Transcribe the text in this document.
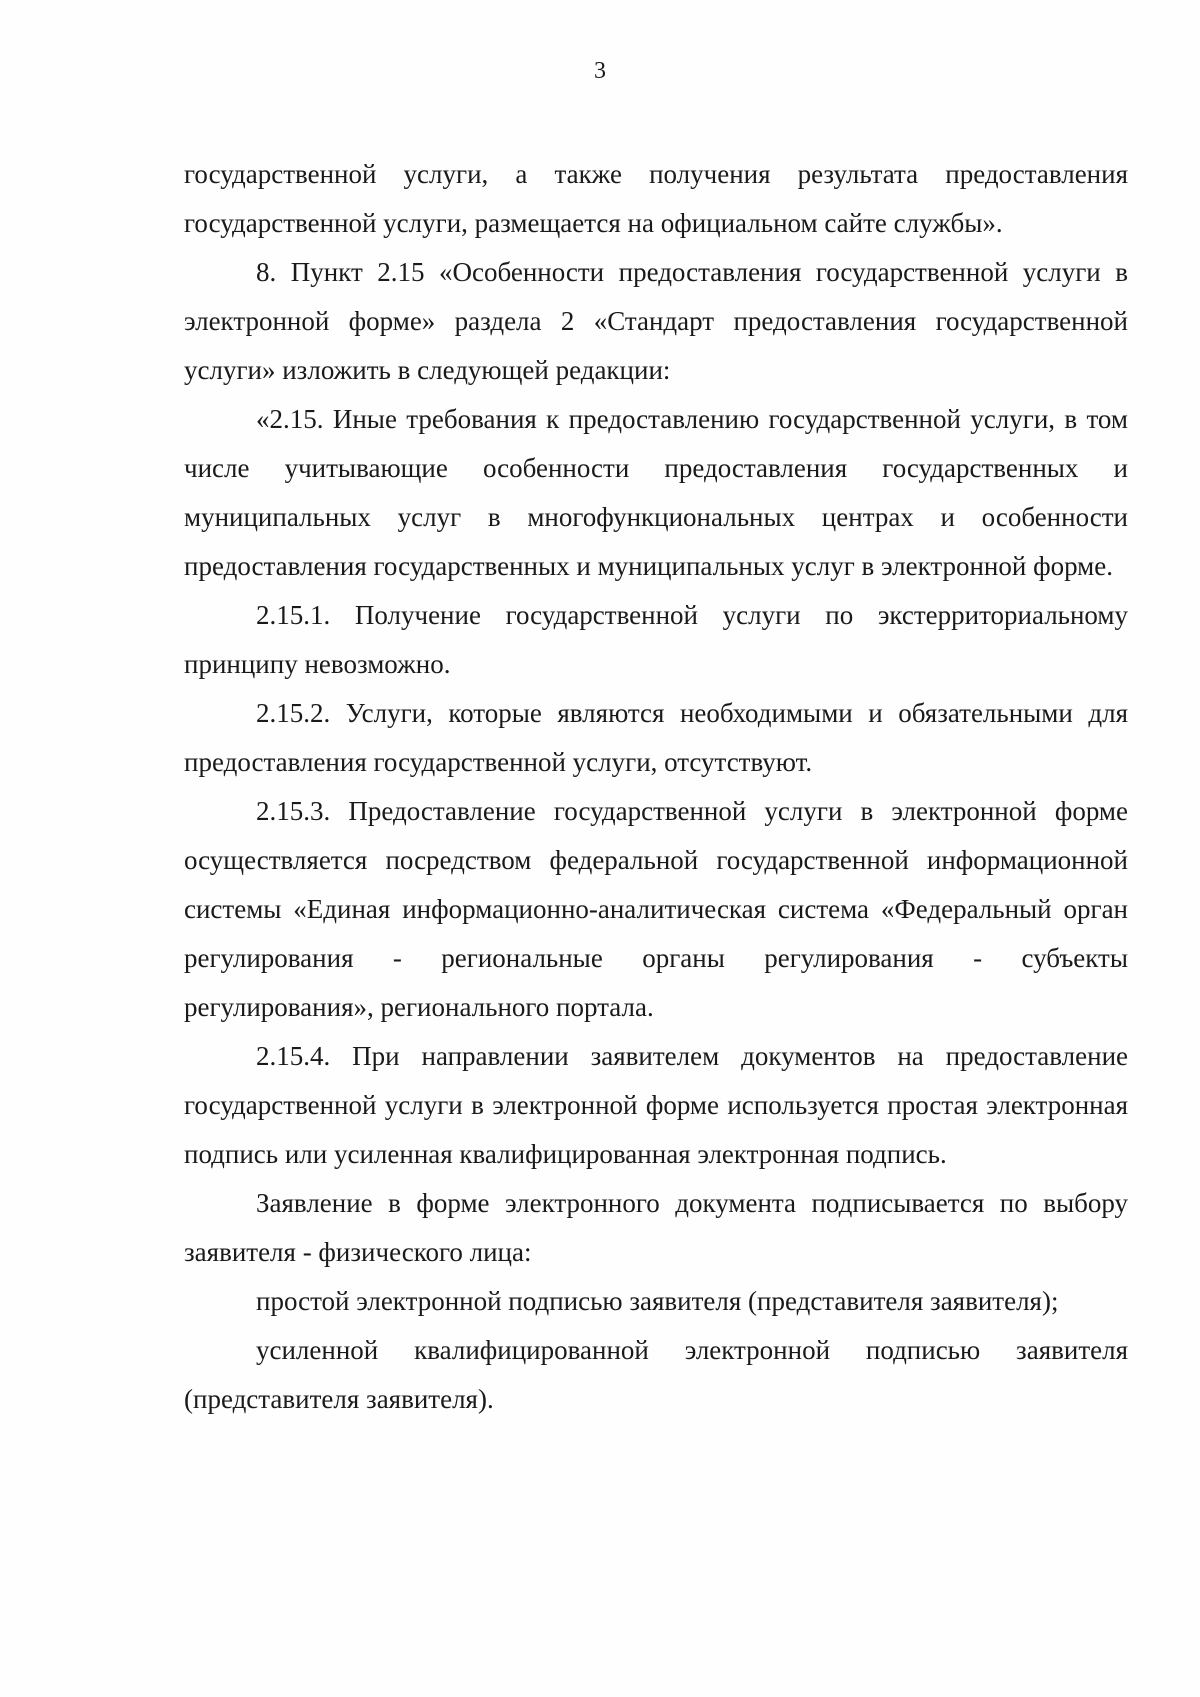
3

государственной услуги, а также получения результата предоставления государственной услуги, размещается на официальном сайте службы».

8. Пункт 2.15 «Особенности предоставления государственной услуги в электронной форме» раздела 2 «Стандарт предоставления государственной услуги» изложить в следующей редакции:

«2.15. Иные требования к предоставлению государственной услуги, в том числе учитывающие особенности предоставления государственных и муниципальных услуг в многофункциональных центрах и особенности предоставления государственных и муниципальных услуг в электронной форме.

2.15.1. Получение государственной услуги по экстерриториальному принципу невозможно.

2.15.2. Услуги, которые являются необходимыми и обязательными для предоставления государственной услуги, отсутствуют.

2.15.3. Предоставление государственной услуги в электронной форме осуществляется посредством федеральной государственной информационной системы «Единая информационно-аналитическая система «Федеральный орган регулирования - региональные органы регулирования - субъекты регулирования», регионального портала.

2.15.4. При направлении заявителем документов на предоставление государственной услуги в электронной форме используется простая электронная подпись или усиленная квалифицированная электронная подпись.

Заявление в форме электронного документа подписывается по выбору заявителя - физического лица:

простой электронной подписью заявителя (представителя заявителя);

усиленной квалифицированной электронной подписью заявителя (представителя заявителя).
